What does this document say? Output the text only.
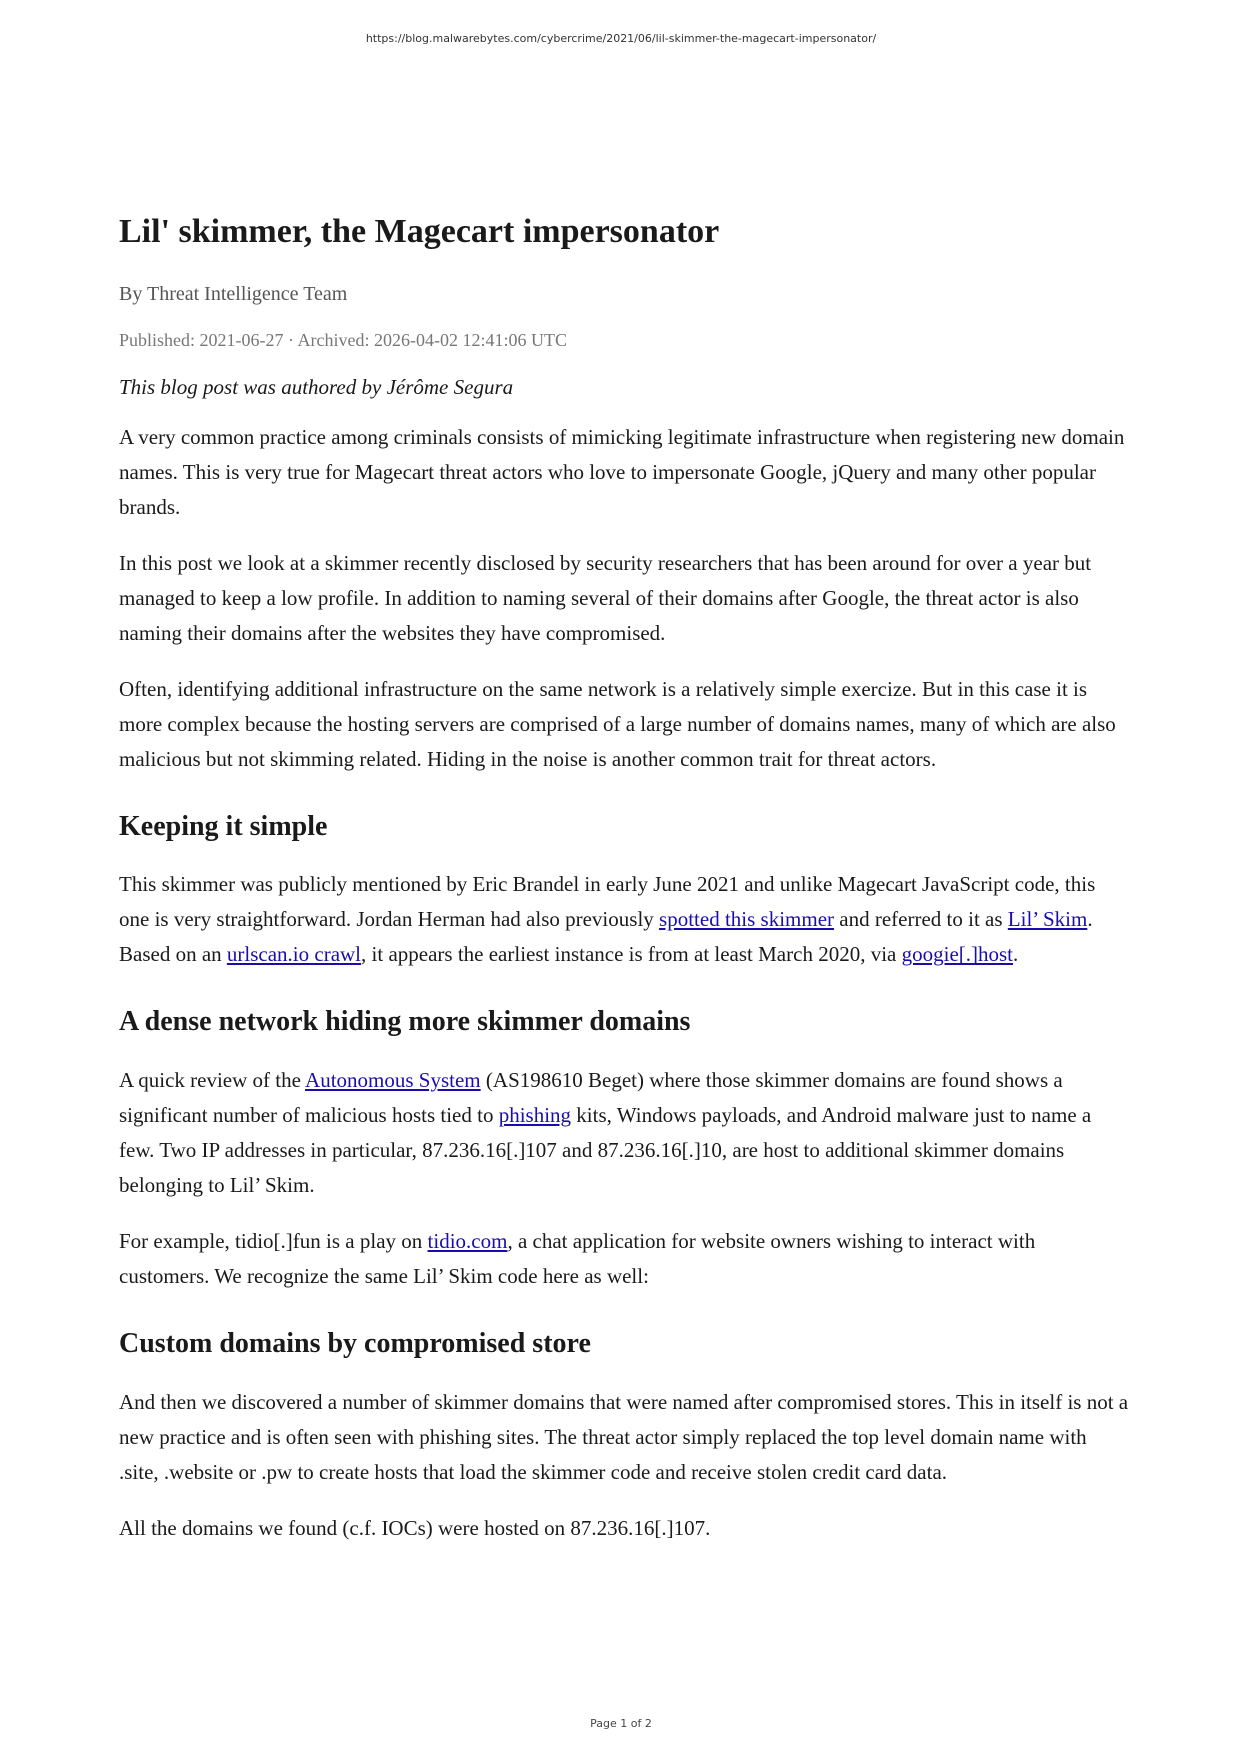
https://blog.malwarebytes.com/cybercrime/2021/06/lil-skimmer-the-magecart-impersonator/
Lil' skimmer, the Magecart impersonator
By Threat Intelligence Team
Published: 2021-06-27 · Archived: 2026-04-02 12:41:06 UTC
This blog post was authored by Jérôme Segura

A very common practice among criminals consists of mimicking legitimate infrastructure when registering new domain names. This is very true for Magecart threat actors who love to impersonate Google, jQuery and many other popular brands.

In this post we look at a skimmer recently disclosed by security researchers that has been around for over a year but managed to keep a low profile. In addition to naming several of their domains after Google, the threat actor is also naming their domains after the websites they have compromised.

Often, identifying additional infrastructure on the same network is a relatively simple exercize. But in this case it is more complex because the hosting servers are comprised of a large number of domains names, many of which are also malicious but not skimming related. Hiding in the noise is another common trait for threat actors.

Keeping it simple

This skimmer was publicly mentioned by Eric Brandel in early June 2021 and unlike Magecart JavaScript code, this one is very straightforward. Jordan Herman had also previously spotted this skimmer and referred to it as Lil’ Skim. Based on an urlscan.io crawl, it appears the earliest instance is from at least March 2020, via googie[.]host.

A dense network hiding more skimmer domains

A quick review of the Autonomous System (AS198610 Beget) where those skimmer domains are found shows a significant number of malicious hosts tied to phishing kits, Windows payloads, and Android malware just to name a few. Two IP addresses in particular, 87.236.16[.]107 and 87.236.16[.]10, are host to additional skimmer domains belonging to Lil’ Skim.

For example, tidio[.]fun is a play on tidio.com, a chat application for website owners wishing to interact with customers. We recognize the same Lil’ Skim code here as well:

Custom domains by compromised store

And then we discovered a number of skimmer domains that were named after compromised stores. This in itself is not a new practice and is often seen with phishing sites. The threat actor simply replaced the top level domain name with .site, .website or .pw to create hosts that load the skimmer code and receive stolen credit card data.

All the domains we found (c.f. IOCs) were hosted on 87.236.16[.]107.

Page 1 of 2
